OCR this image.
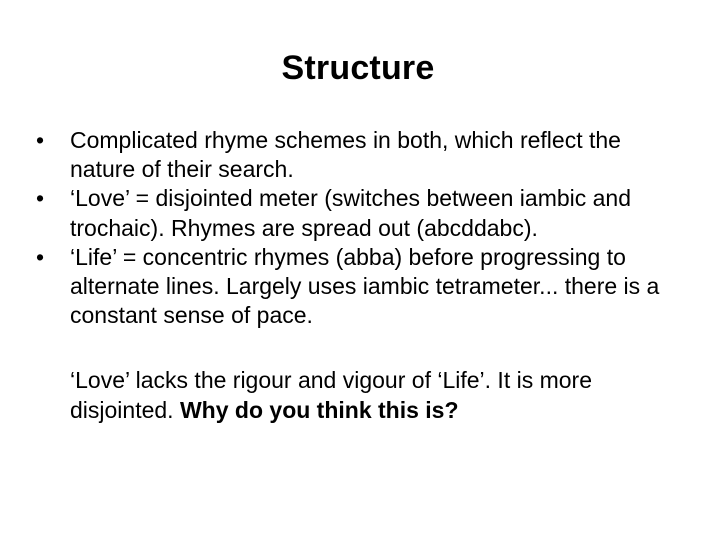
Structure
•	Complicated rhyme schemes in both, which reflect the nature of their search.
•	‘Love’ = disjointed meter (switches between iambic and trochaic). Rhymes are spread out (abcddabc).
•	‘Life’ = concentric rhymes (abba) before progressing to alternate lines. Largely uses iambic tetrameter... there is a constant sense of pace.

‘Love’ lacks the rigour and vigour of ‘Life’. It is more disjointed. Why do you think this is?
